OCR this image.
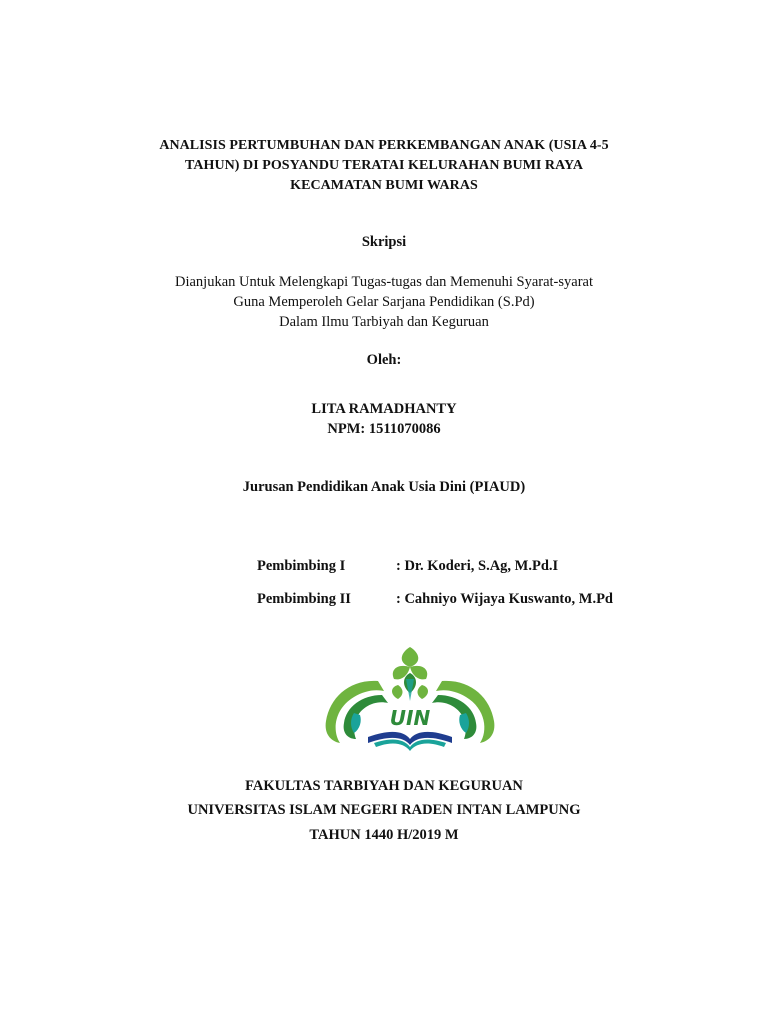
ANALISIS PERTUMBUHAN DAN PERKEMBANGAN ANAK (USIA 4-5
TAHUN) DI POSYANDU TERATAI KELURAHAN BUMI RAYA
KECAMATAN BUMI WARAS
Skripsi
Dianjukan Untuk Melengkapi Tugas-tugas dan Memenuhi Syarat-syarat
Guna Memperoleh Gelar Sarjana Pendidikan (S.Pd)
Dalam Ilmu Tarbiyah dan Keguruan
Oleh:
LITA RAMADHANTY
NPM: 1511070086
Jurusan Pendidikan Anak Usia Dini (PIAUD)
Pembimbing I	: Dr. Koderi, S.Ag, M.Pd.I
Pembimbing II	: Cahniyo Wijaya Kuswanto, M.Pd
UIN
FAKULTAS TARBIYAH DAN KEGURUAN
UNIVERSITAS ISLAM NEGERI RADEN INTAN LAMPUNG
TAHUN 1440 H/2019 M
